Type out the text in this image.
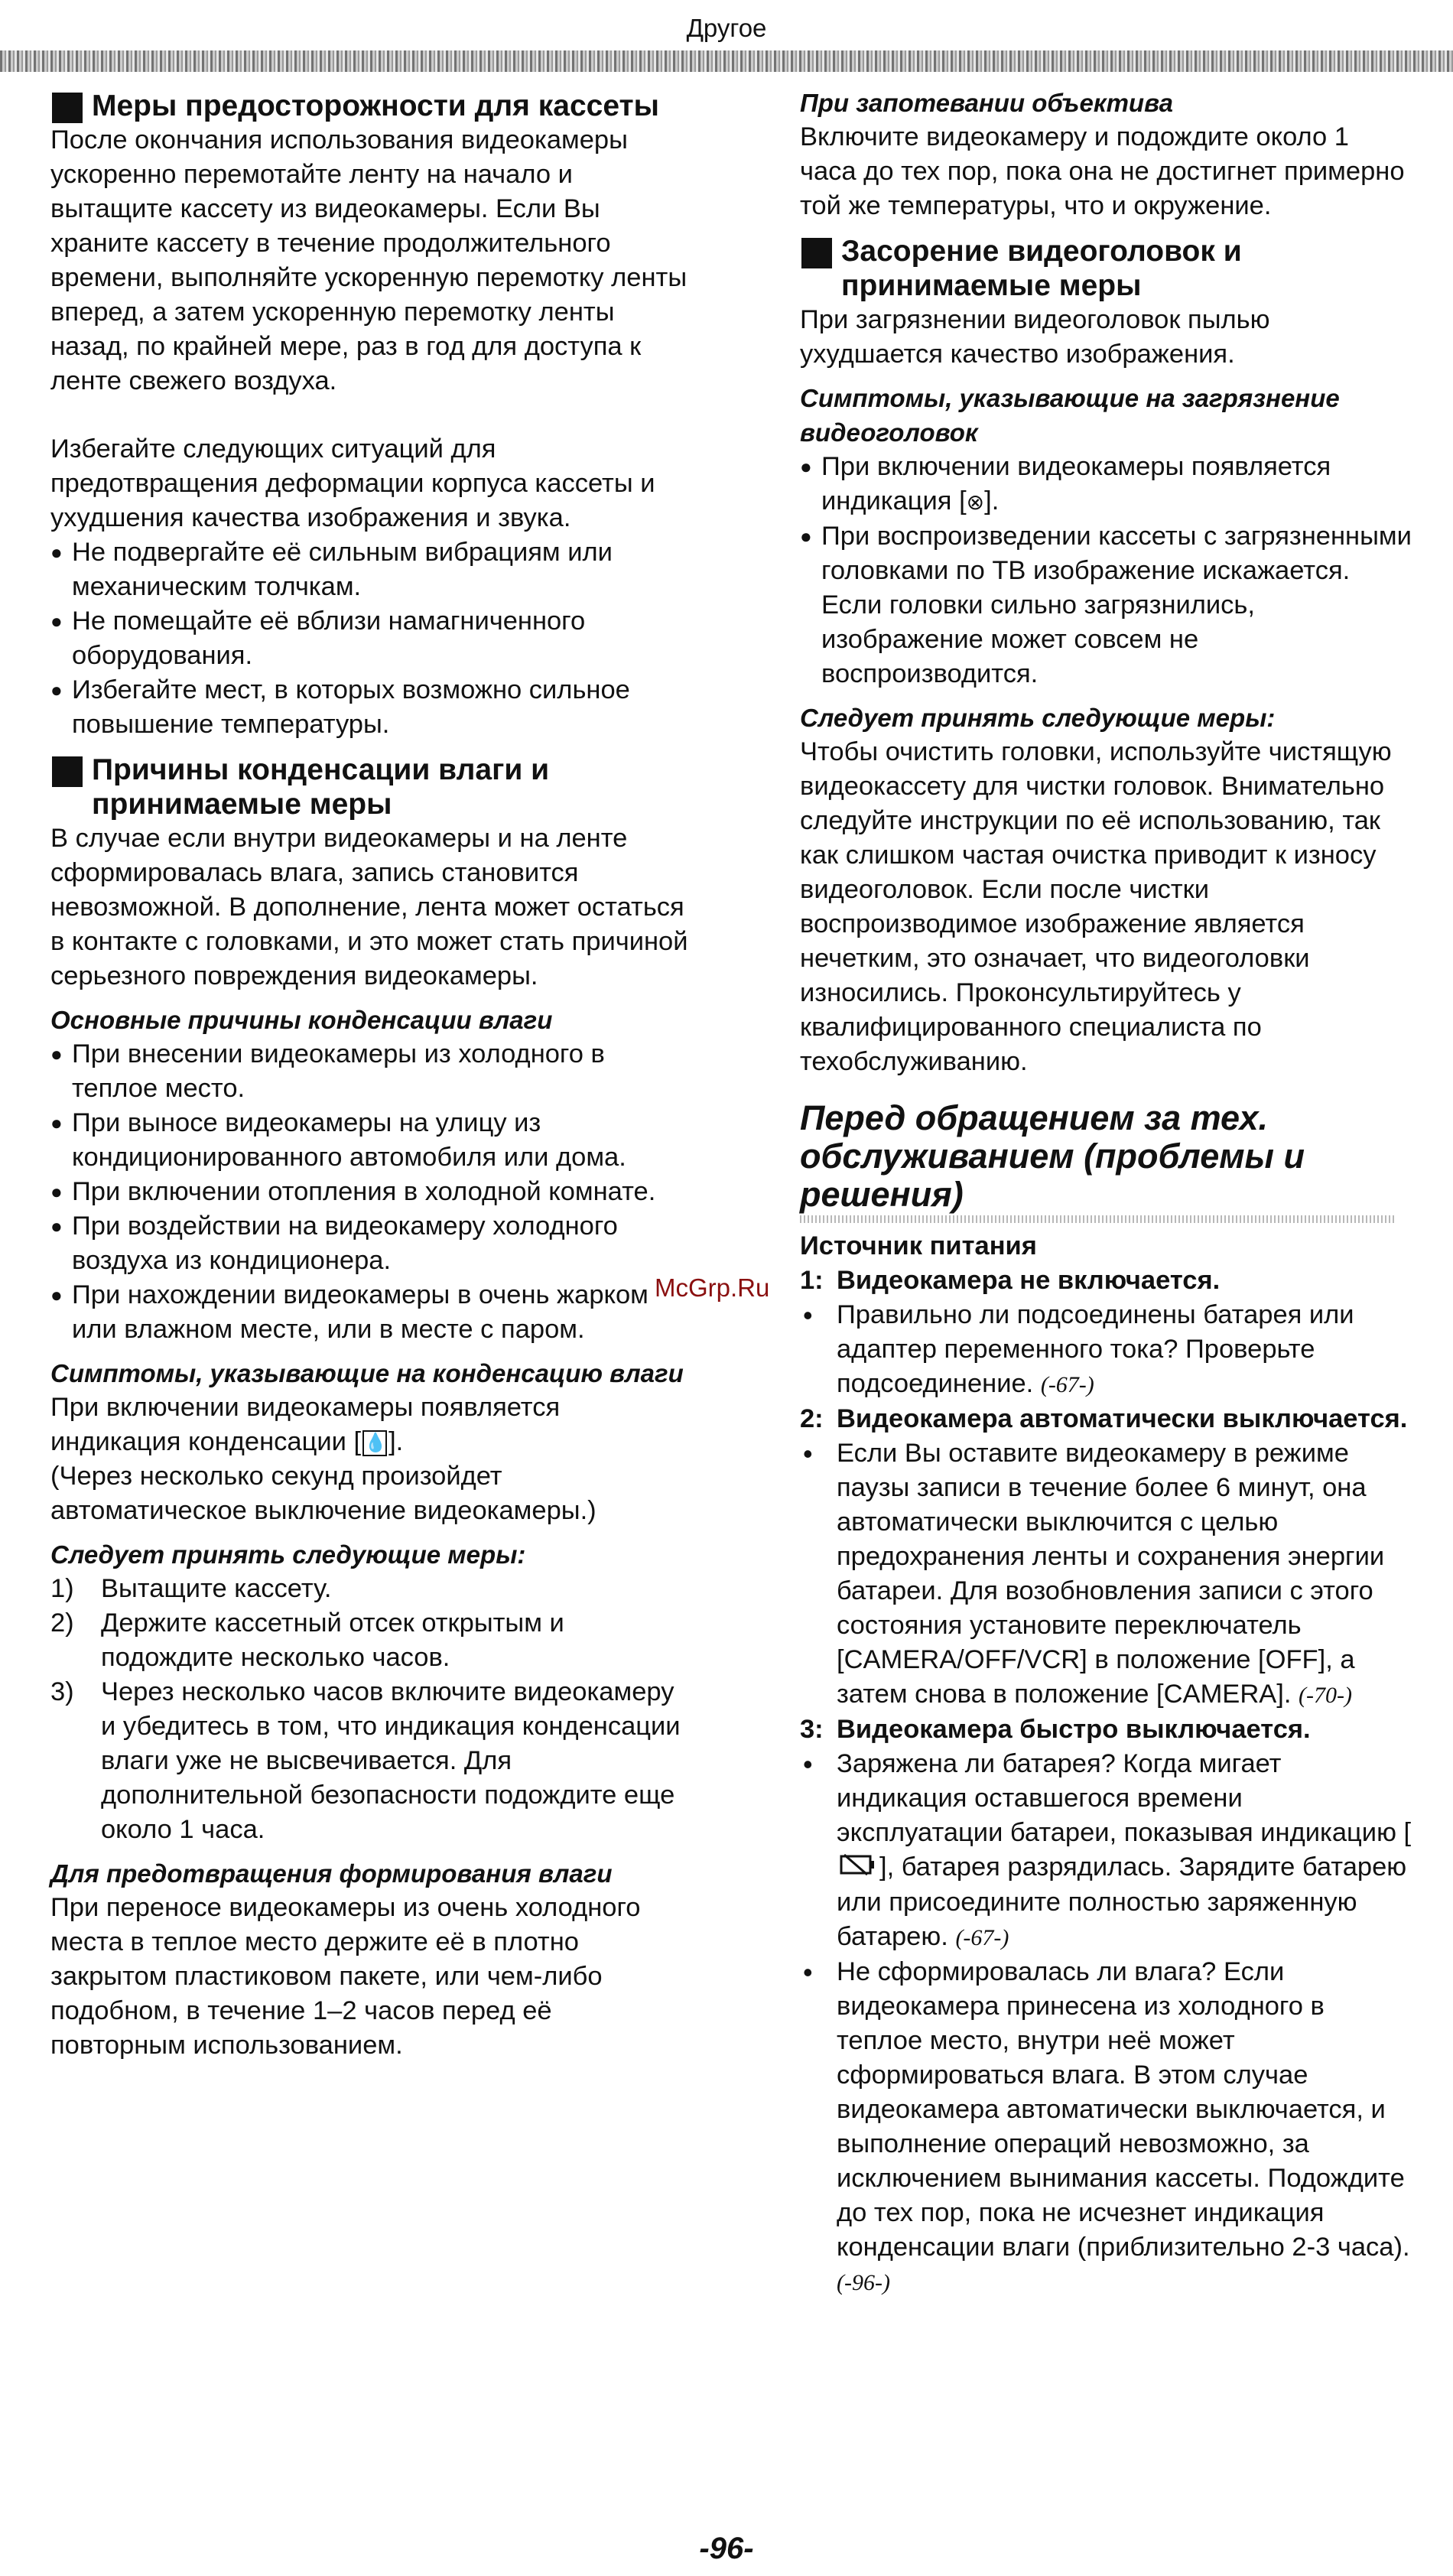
Другое
Меры предосторожности для кассеты

После окончания использования видеокамеры ускоренно перемотайте ленту на начало и вытащите кассету из видеокамеры. Если Вы храните кассету в течение продолжительного времени, выполняйте ускоренную перемотку ленты вперед, а затем ускоренную перемотку ленты назад, по крайней мере, раз в год для доступа к ленте свежего воздуха.

Избегайте следующих ситуаций для предотвращения деформации корпуса кассеты и ухудшения качества изображения и звука.

● Не подвергайте её сильным вибрациям или механическим толчкам.
● Не помещайте её вблизи намагниченного оборудования.
● Избегайте мест, в которых возможно сильное повышение температуры.
Причины конденсации влаги и принимаемые меры

В случае если внутри видеокамеры и на ленте сформировалась влага, запись становится невозможной. В дополнение, лента может остаться в контакте с головками, и это может стать причиной серьезного повреждения видеокамеры.

Основные причины конденсации влаги
● При внесении видеокамеры из холодного в теплое место.
● При выносе видеокамеры на улицу из кондиционированного автомобиля или дома.
● При включении отопления в холодной комнате.
● При воздействии на видеокамеру холодного воздуха из кондиционера.
● При нахождении видеокамеры в очень жарком или влажном месте, или в месте с паром.
Симптомы, указывающие на конденсацию влаги

При включении видеокамеры появляется индикация конденсации [ 💧].

(Через несколько секунд произойдет автоматическое выключение видеокамеры.)

Следует принять следующие меры:
1) Вытащите кассету.
2) Держите кассетный отсек открытым и подождите несколько часов.
3) Через несколько часов включите видеокамеру и убедитесь в том, что индикация конденсации влаги уже не высвечивается. Для дополнительной безопасности подождите еще около 1 часа.
Для предотвращения формирования влаги

При переносе видеокамеры из очень холодного места в теплое место держите её в плотно закрытом пластиковом пакете, или чем-либо подобном, в течение 1–2 часов перед её повторным использованием.

При запотевании объектива

Включите видеокамеру и подождите около 1 часа до тех пор, пока она не достигнет примерно той же температуры, что и окружение.

Засорение видеоголовок и принимаемые меры

При загрязнении видеоголовок пылью ухудшается качество изображения.

Симптомы, указывающие на загрязнение видеоголовок
● При включении видеокамеры появляется индикация [⊗].
● При воспроизведении кассеты с загрязненными головками по ТВ изображение искажается. Если головки сильно загрязнились, изображение может совсем не воспроизводится.
Следует принять следующие меры:

Чтобы очистить головки, используйте чистящую видеокассету для чистки головок. Внимательно следуйте инструкции по её использованию, так как слишком частая очистка приводит к износу видеоголовок. Если после чистки воспроизводимое изображение является нечетким, это означает, что видеоголовки износились. Проконсультируйтесь у квалифицированного специалиста по техобслуживанию.

Перед обращением за тех. обслуживанием (проблемы и решения)
Источник питания
1: Видеокамера не включается.
• Правильно ли подсоединены батарея или адаптер переменного тока? Проверьте подсоединение. (-67-)
2: Видеокамера автоматически выключается.
• Если Вы оставите видеокамеру в режиме паузы записи в течение более 6 минут, она автоматически выключится с целью предохранения ленты и сохранения энергии батареи. Для возобновления записи с этого состояния установите переключатель [CAMERA/OFF/VCR] в положение [OFF], а затем снова в положение [CAMERA]. (-70-)
3: Видеокамера быстро выключается.
• Заряжена ли батарея? Когда мигает индикация оставшегося времени эксплуатации батареи, показывая индикацию [], батарея разрядилась. Зарядите батарею или присоедините полностью заряженную батарею. (-67-)
• Не сформировалась ли влага? Если видеокамера принесена из холодного в теплое место, внутри неё может сформироваться влага. В этом случае видеокамера автоматически выключается, и выполнение операций невозможно, за исключением вынимания кассеты. Подождите до тех пор, пока не исчезнет индикация конденсации влаги (приблизительно 2-3 часа). (-96-)
McGrp.Ru
-96-
